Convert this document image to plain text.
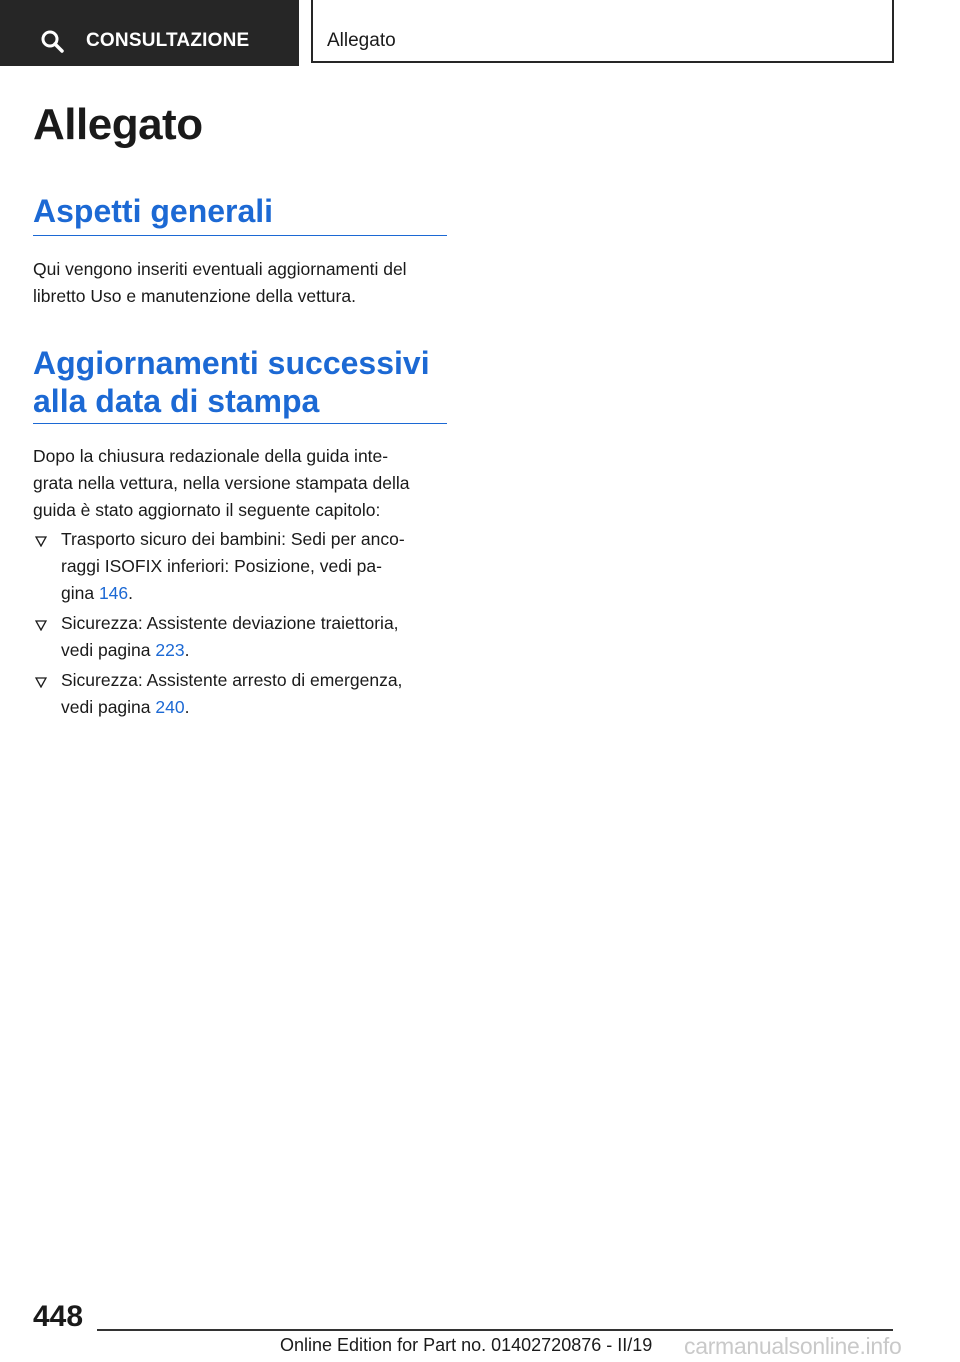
CONSULTAZIONE	Allegato
Allegato
Aspetti generali

Qui vengono inseriti eventuali aggiornamenti del libretto Uso e manutenzione della vettura.

Aggiornamenti successivi
alla data di stampa

Dopo la chiusura redazionale della guida inte-
grata nella vettura, nella versione stampata della
guida è stato aggiornato il seguente capitolo:

Trasporto sicuro dei bambini: Sedi per anco-
raggi ISOFIX inferiori: Posizione, vedi pa-
gina 146.
Sicurezza: Assistente deviazione traiettoria,
vedi pagina 223.
Sicurezza: Assistente arresto di emergenza,
vedi pagina 240.
448
Online Edition for Part no. 01402720876 - II/19 carmanualsonline.info
